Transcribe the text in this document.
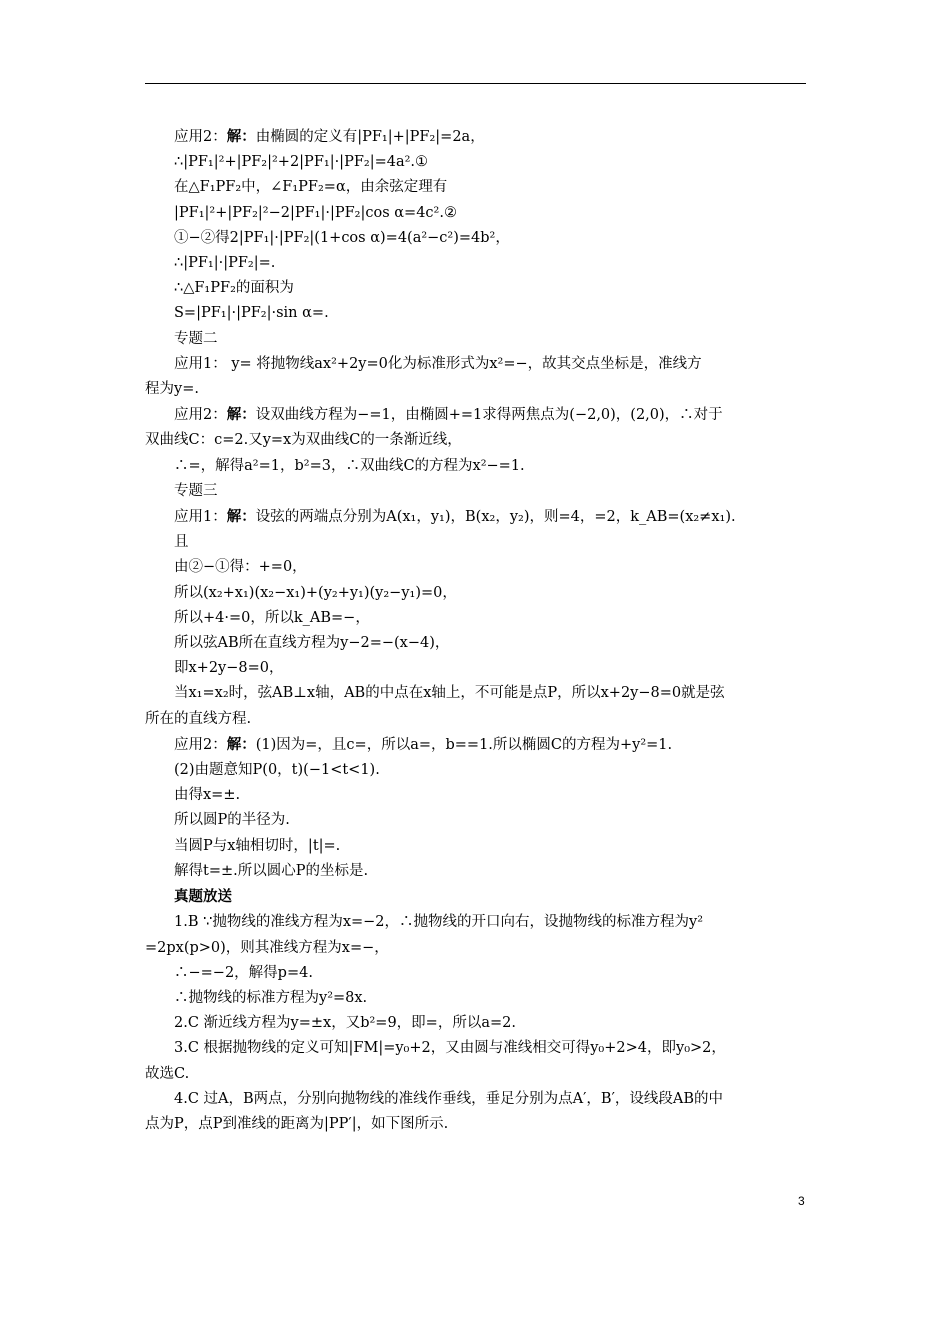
应用2：解：由椭圆的定义有|PF₁|+|PF₂|=2a，
∴|PF₁|²+|PF₂|²+2|PF₁|·|PF₂|=4a².①
在△F₁PF₂中，∠F₁PF₂=α，由余弦定理有
|PF₁|²+|PF₂|²−2|PF₁|·|PF₂|cos α=4c².②
①−②得2|PF₁|·|PF₂|(1+cos α)=4(a²−c²)=4b²，
∴|PF₁|·|PF₂|=.
∴△F₁PF₂的面积为
S=|PF₁|·|PF₂|·sin α=.
专题二
应用1： y= 将抛物线ax²+2y=0化为标准形式为x²=−，故其交点坐标是，准线方
程为y=.
应用2：解：设双曲线方程为−=1，由椭圆+=1求得两焦点为(−2,0)，(2,0)，∴对于
双曲线C：c=2.又y=x为双曲线C的一条渐近线，
∴=，解得a²=1，b²=3，∴双曲线C的方程为x²−=1.
专题三
应用1：解：设弦的两端点分别为A(x₁，y₁)，B(x₂，y₂)，则=4，=2，k_AB=(x₂≠x₁).
且
由②−①得：+=0，
所以(x₂+x₁)(x₂−x₁)+(y₂+y₁)(y₂−y₁)=0，
所以+4·=0，所以k_AB=−，
所以弦AB所在直线方程为y−2=−(x−4)，
即x+2y−8=0，
当x₁=x₂时，弦AB⊥x轴，AB的中点在x轴上，不可能是点P，所以x+2y−8=0就是弦
所在的直线方程.
应用2：解：(1)因为=，且c=，所以a=，b==1.所以椭圆C的方程为+y²=1.
(2)由题意知P(0，t)(−1<t<1).
由得x=±.
所以圆P的半径为.
当圆P与x轴相切时，|t|=.
解得t=±.所以圆心P的坐标是.
真题放送
1.B ∵抛物线的准线方程为x=−2，∴抛物线的开口向右，设抛物线的标准方程为y²
=2px(p>0)，则其准线方程为x=−，
∴−=−2，解得p=4.
∴抛物线的标准方程为y²=8x.
2.C 渐近线方程为y=±x，又b²=9，即=，所以a=2.
3.C 根据抛物线的定义可知|FM|=y₀+2，又由圆与准线相交可得y₀+2>4，即y₀>2，
故选C.
4.C 过A，B两点，分别向抛物线的准线作垂线，垂足分别为点A′，B′，设线段AB的中
点为P，点P到准线的距离为|PP′|，如下图所示.
3
